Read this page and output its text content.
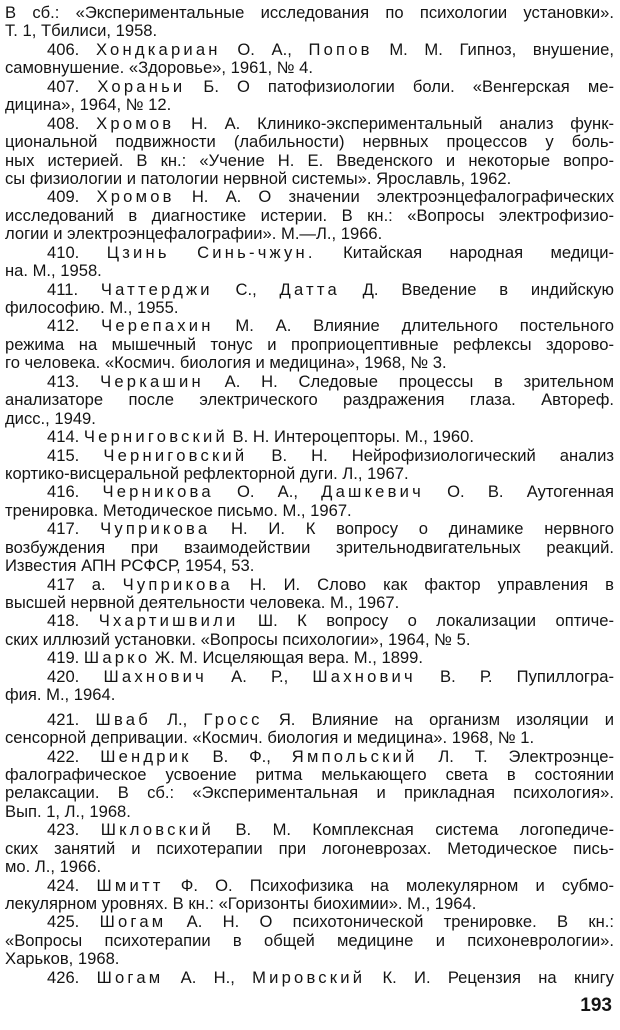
В сб.: «Экспериментальные исследования по психологии установки».
Т. 1, Тбилиси, 1958.
406. Хондкариан О. А., Попов М. М. Гипноз, внушение,
самовнушение. «Здоровье», 1961, № 4.
407. Хораньи Б. О патофизиологии боли. «Венгерская ме-
дицина», 1964, № 12.
408. Хромов Н. А. Клинико-экспериментальный анализ функ-
циональной подвижности (лабильности) нервных процессов у боль-
ных истерией. В кн.: «Учение Н. Е. Введенского и некоторые вопро-
сы физиологии и патологии нервной системы». Ярославль, 1962.
409. Хромов Н. А. О значении электроэнцефалографических
исследований в диагностике истерии. В кн.: «Вопросы электрофизио-
логии и электроэнцефалографии». М.—Л., 1966.
410. Цзинь Синь-чжун. Китайская народная медици-
на. М., 1958.
411. Чаттерджи С., Датта Д. Введение в индийскую
философию. М., 1955.
412. Черепахин М. А. Влияние длительного постельного
режима на мышечный тонус и проприоцептивные рефлексы здорово-
го человека. «Космич. биология и медицина», 1968, № 3.
413. Черкашин А. Н. Следовые процессы в зрительном
анализаторе после электрического раздражения глаза. Автореф.
дисс., 1949.
414. Черниговский В. Н. Интероцепторы. М., 1960.
415. Черниговский В. Н. Нейрофизиологический анализ
кортико-висцеральной рефлекторной дуги. Л., 1967.
416. Черникова О. А., Дашкевич О. В. Аутогенная
тренировка. Методическое письмо. М., 1967.
417. Чуприкова Н. И. К вопросу о динамике нервного
возбуждения при взаимодействии зрительнодвигательных реакций.
Известия АПН РСФСР, 1954, 53.
417 а. Чуприкова Н. И. Слово как фактор управления в
высшей нервной деятельности человека. М., 1967.
418. Чхартишвили Ш. К вопросу о локализации оптиче-
ских иллюзий установки. «Вопросы психологии», 1964, № 5.
419. Шарко Ж. М. Исцеляющая вера. М., 1899.
420. Шахнович А. Р., Шахнович В. Р. Пупиллогра-
фия. М., 1964.
421. Шваб Л., Гросс Я. Влияние на организм изоляции и
сенсорной депривации. «Космич. биология и медицина». 1968, № 1.
422. Шендрик В. Ф., Ямпольский Л. Т. Электроэнце-
фалографическое усвоение ритма мелькающего света в состоянии
релаксации. В сб.: «Экспериментальная и прикладная психология».
Вып. 1, Л., 1968.
423. Шкловский В. М. Комплексная система логопедиче-
ских занятий и психотерапии при логоневрозах. Методическое пись-
мо. Л., 1966.
424. Шмитт Ф. О. Психофизика на молекулярном и субмо-
лекулярном уровнях. В кн.: «Горизонты биохимии». М., 1964.
425. Шогам А. Н. О психотонической тренировке. В кн.:
«Вопросы психотерапии в общей медицине и психоневрологии».
Харьков, 1968.
426. Шогам А. Н., Мировский К. И. Рецензия на книгу
193
